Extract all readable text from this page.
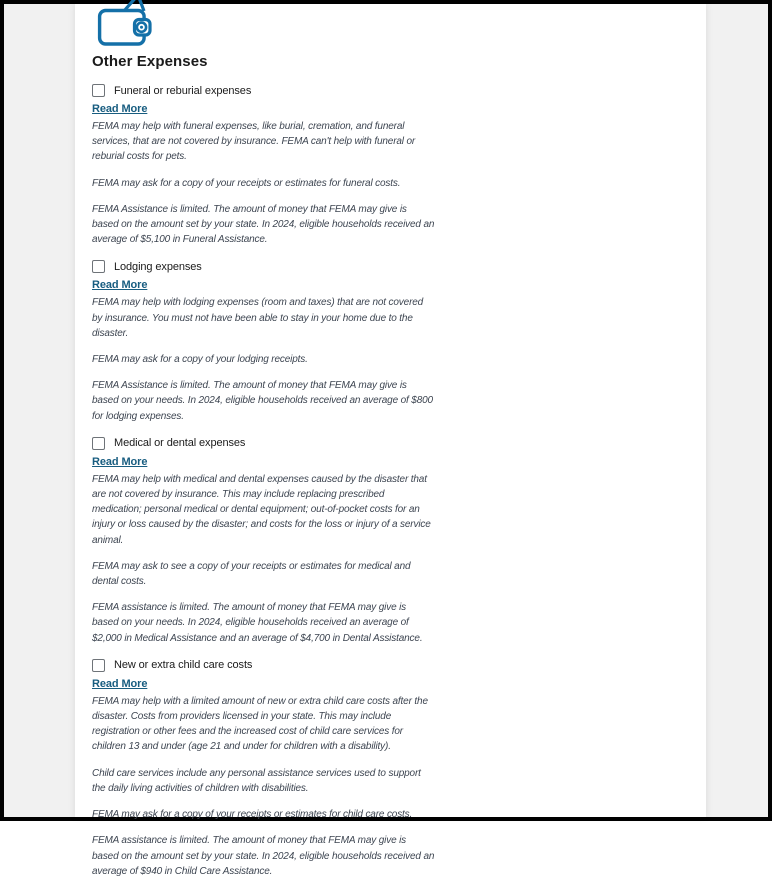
Other Expenses
Funeral or reburial expenses
Read More

FEMA may help with funeral expenses, like burial, cremation, and funeral services, that are not covered by insurance. FEMA can't help with funeral or reburial costs for pets.

FEMA may ask for a copy of your receipts or estimates for funeral costs.

FEMA Assistance is limited. The amount of money that FEMA may give is based on the amount set by your state. In 2024, eligible households received an average of $5,100 in Funeral Assistance.

Lodging expenses
Read More

FEMA may help with lodging expenses (room and taxes) that are not covered by insurance. You must not have been able to stay in your home due to the disaster.

FEMA may ask for a copy of your lodging receipts.

FEMA Assistance is limited. The amount of money that FEMA may give is based on your needs. In 2024, eligible households received an average of $800 for lodging expenses.

Medical or dental expenses
Read More

FEMA may help with medical and dental expenses caused by the disaster that are not covered by insurance. This may include replacing prescribed medication; personal medical or dental equipment; out-of-pocket costs for an injury or loss caused by the disaster; and costs for the loss or injury of a service animal.

FEMA may ask to see a copy of your receipts or estimates for medical and dental costs.

FEMA assistance is limited. The amount of money that FEMA may give is based on your needs. In 2024, eligible households received an average of $2,000 in Medical Assistance and an average of $4,700 in Dental Assistance.

New or extra child care costs
Read More

FEMA may help with a limited amount of new or extra child care costs after the disaster. Costs from providers licensed in your state. This may include registration or other fees and the increased cost of child care services for children 13 and under (age 21 and under for children with a disability).

Child care services include any personal assistance services used to support the daily living activities of children with disabilities.

FEMA may ask for a copy of your receipts or estimates for child care costs.

FEMA assistance is limited. The amount of money that FEMA may give is based on the amount set by your state. In 2024, eligible households received an average of $940 in Child Care Assistance.
